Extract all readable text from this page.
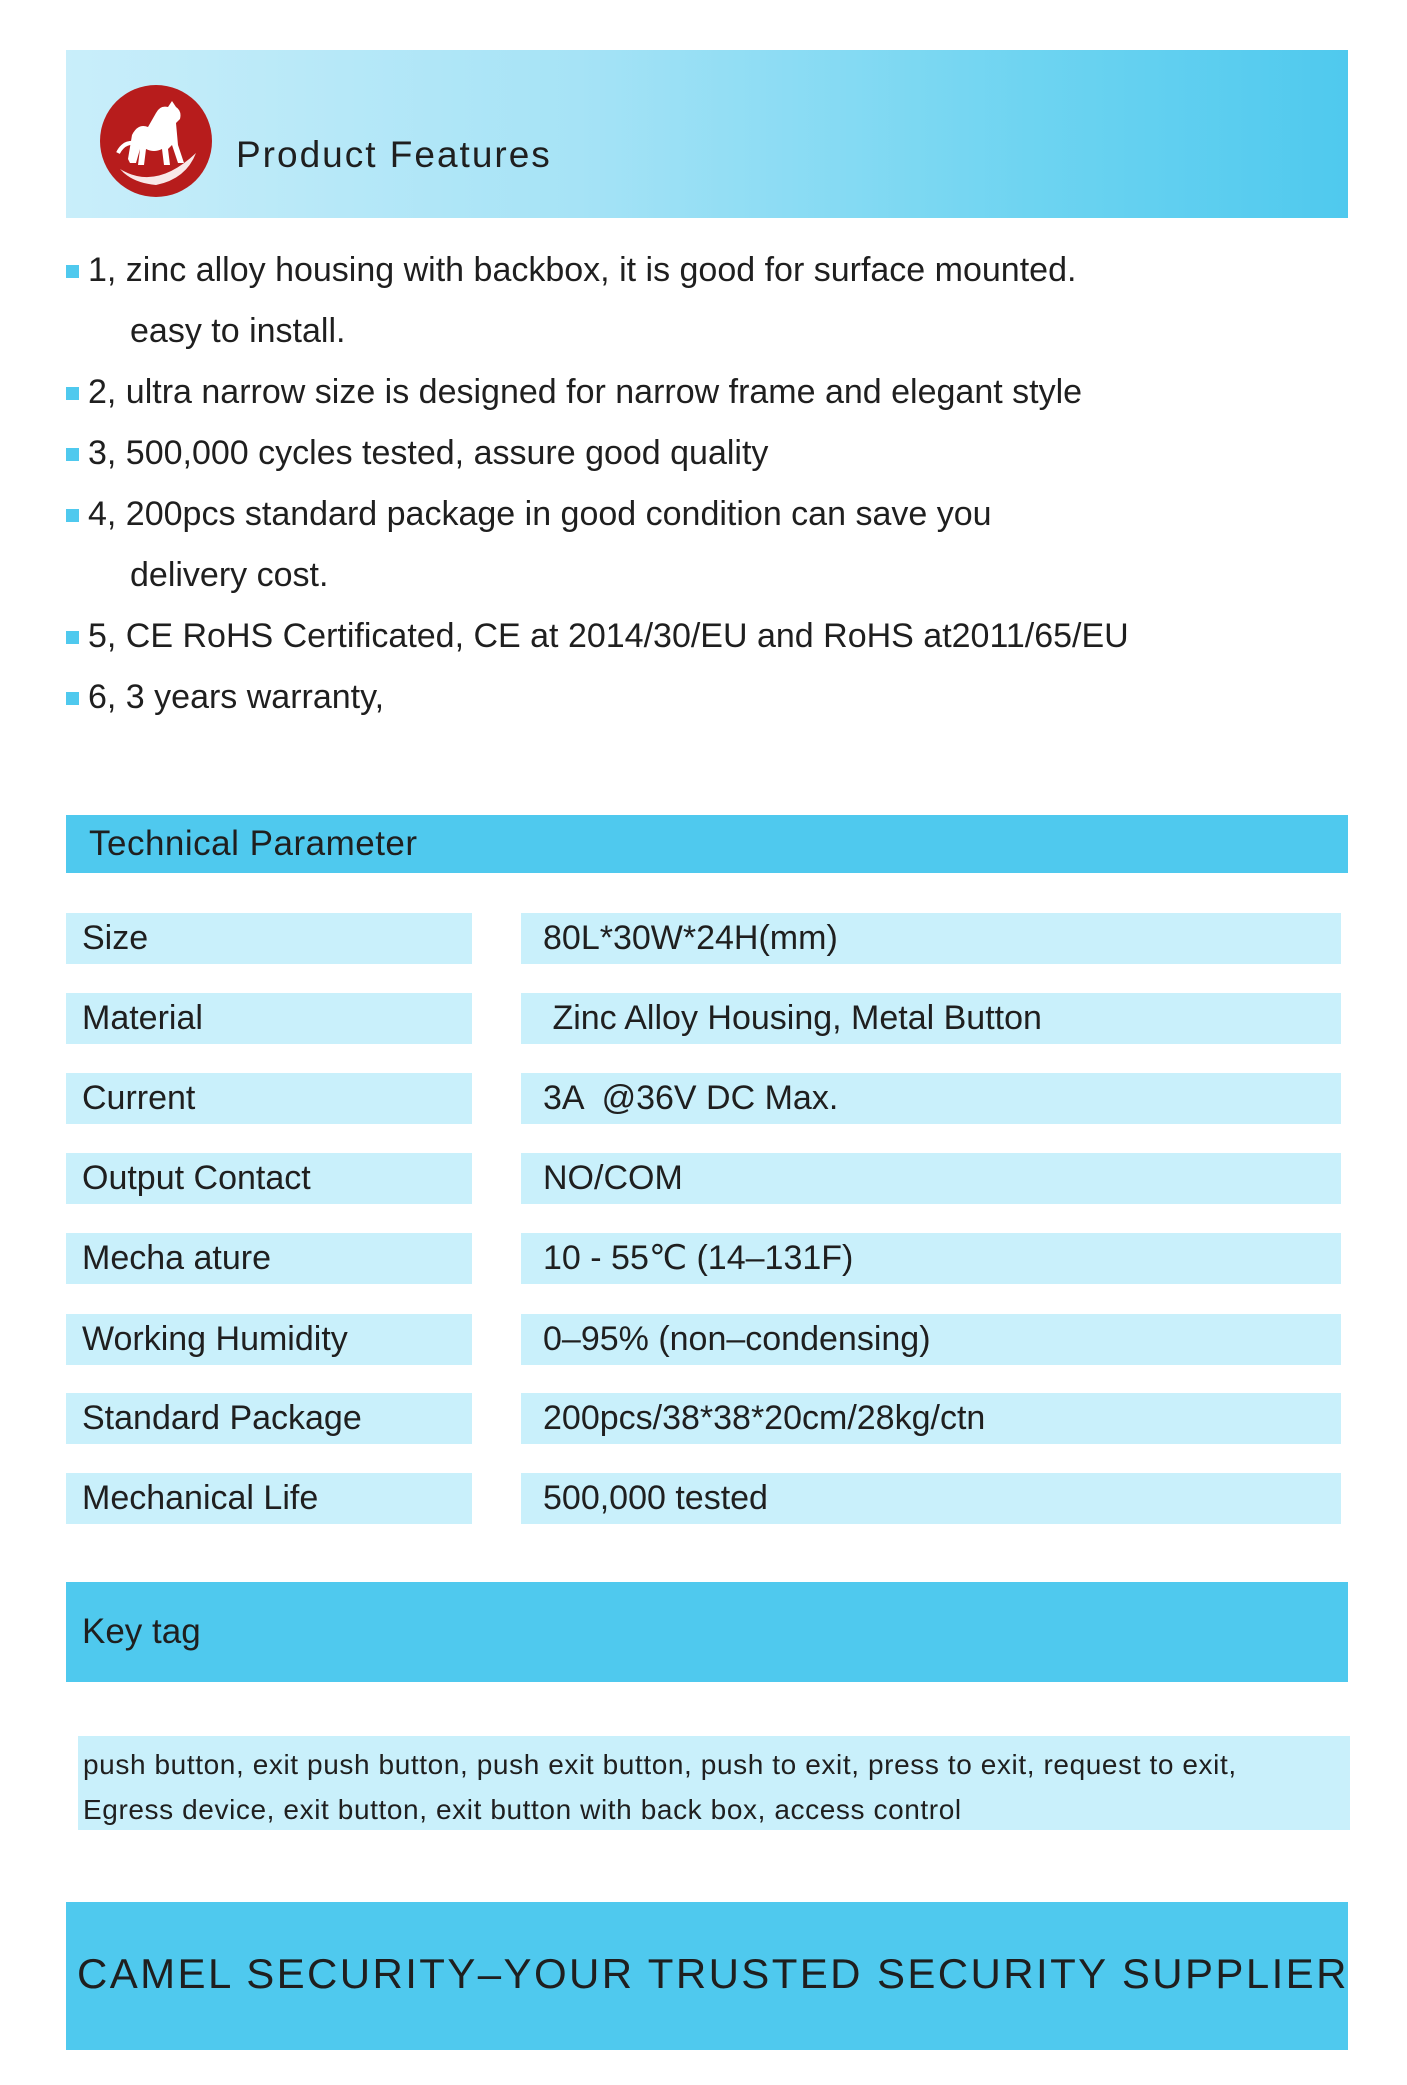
Product Features
1, zinc alloy housing with backbox, it is good for surface mounted.
easy to install.
2, ultra narrow size is designed for narrow frame and elegant style
3, 500,000 cycles tested, assure good quality
4, 200pcs standard package in good condition can save you
delivery cost.
5, CE RoHS Certificated, CE at 2014/30/EU and RoHS at2011/65/EU
6, 3 years warranty,
Technical Parameter
Size	80L*30W*24H(mm)
Material	Zinc Alloy Housing, Metal Button
Current	3A  @36V DC Max.
Output Contact	NO/COM
Mecha ature	10 - 55℃ (14–131F)
Working Humidity	0–95% (non–condensing)
Standard Package	200pcs/38*38*20cm/28kg/ctn
Mechanical Life	500,000 tested
Key tag
push button, exit push button, push exit button, push to exit, press to exit, request to exit,
Egress device, exit button, exit button with back box, access control
CAMEL SECURITY–YOUR TRUSTED SECURITY SUPPLIER
